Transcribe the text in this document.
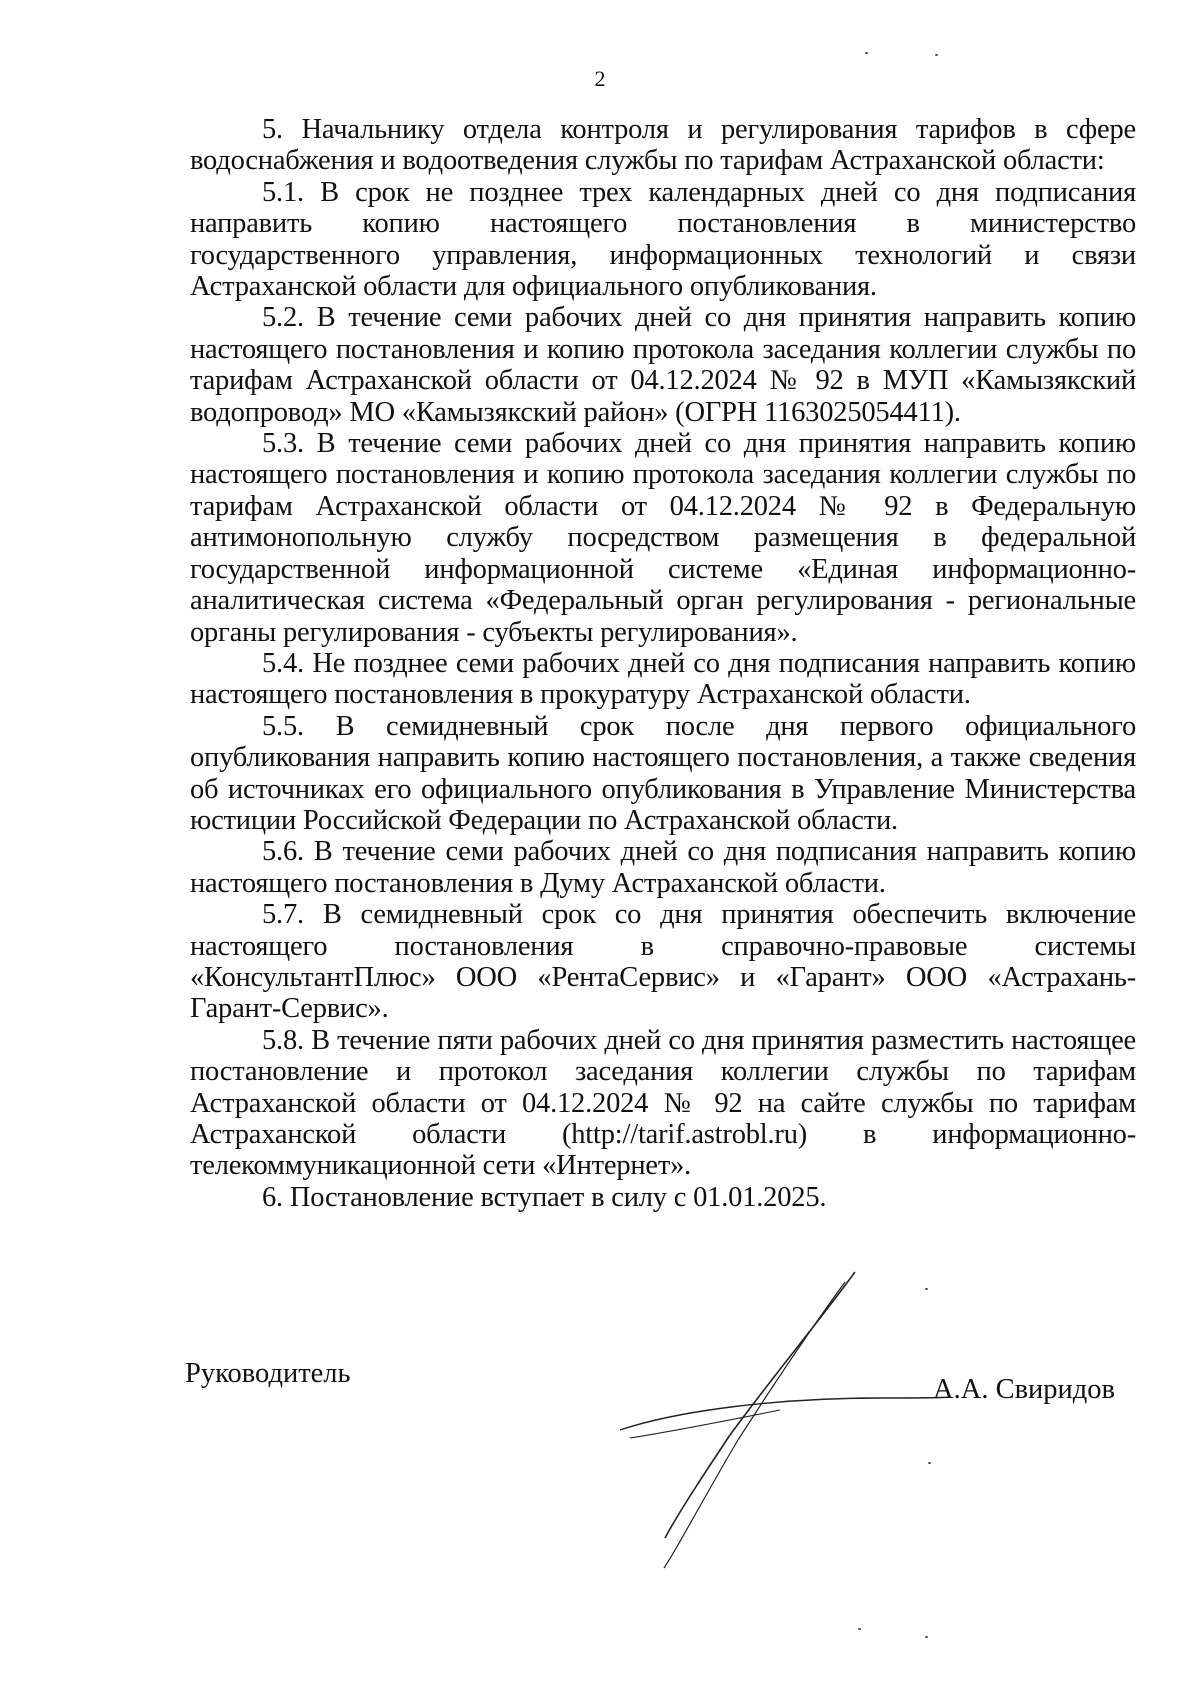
2

5. Начальнику отдела контроля и регулирования тарифов в сфере водоснабжения и водоотведения службы по тарифам Астраханской области:

5.1. В срок не позднее трех календарных дней со дня подписания направить копию настоящего постановления в министерство государственного управления, информационных технологий и связи Астраханской области для официального опубликования.

5.2. В течение семи рабочих дней со дня принятия направить копию настоящего постановления и копию протокола заседания коллегии службы по тарифам Астраханской области от 04.12.2024 № 92 в МУП «Камызякский водопровод» МО «Камызякский район» (ОГРН 1163025054411).

5.3. В течение семи рабочих дней со дня принятия направить копию настоящего постановления и копию протокола заседания коллегии службы по тарифам Астраханской области от 04.12.2024 № 92 в Федеральную антимонопольную службу посредством размещения в федеральной государственной информационной системе «Единая информационно-аналитическая система «Федеральный орган регулирования - региональные органы регулирования - субъекты регулирования».

5.4. Не позднее семи рабочих дней со дня подписания направить копию настоящего постановления в прокуратуру Астраханской области.

5.5. В семидневный срок после дня первого официального опубликования направить копию настоящего постановления, а также сведения об источниках его официального опубликования в Управление Министерства юстиции Российской Федерации по Астраханской области.

5.6. В течение семи рабочих дней со дня подписания направить копию настоящего постановления в Думу Астраханской области.

5.7. В семидневный срок со дня принятия обеспечить включение настоящего постановления в справочно-правовые системы «КонсультантПлюс» ООО «РентаСервис» и «Гарант» ООО «Астрахань-Гарант-Сервис».

5.8. В течение пяти рабочих дней со дня принятия разместить настоящее постановление и протокол заседания коллегии службы по тарифам Астраханской области от 04.12.2024 № 92 на сайте службы по тарифам Астраханской области (http://tarif.astrobl.ru) в информационно-телекоммуникационной сети «Интернет».

6. Постановление вступает в силу с 01.01.2025.

Руководитель
А.А. Свиридов
